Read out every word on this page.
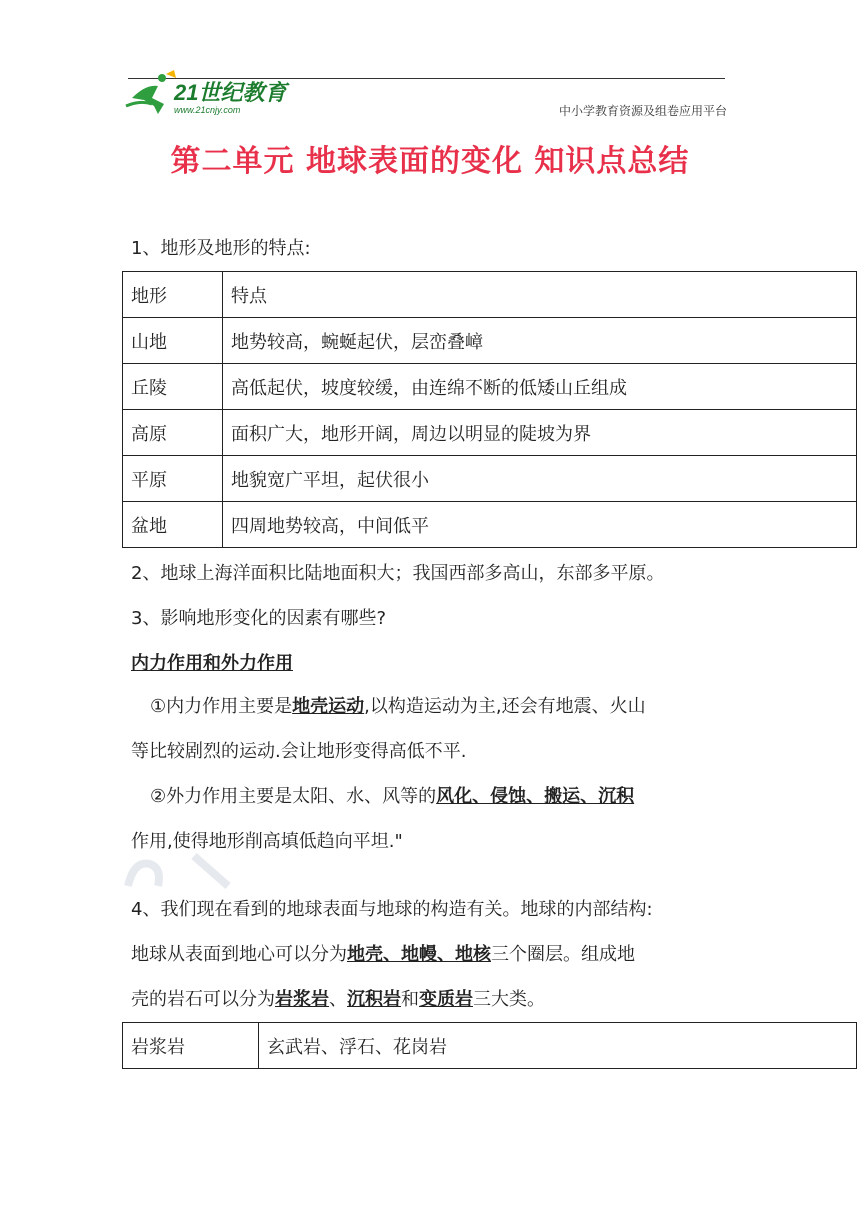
21世纪教育
www.21cnjy.com	中小学教育资源及组卷应用平台
第二单元 地球表面的变化 知识点总结
1、地形及地形的特点:
地形	特点
山地	地势较高，蜿蜒起伏，层峦叠嶂
丘陵	高低起伏，坡度较缓，由连绵不断的低矮山丘组成
高原	面积广大，地形开阔，周边以明显的陡坡为界
平原	地貌宽广平坦，起伏很小
盆地	四周地势较高，中间低平
2、地球上海洋面积比陆地面积大；我国西部多高山，东部多平原。
3、影响地形变化的因素有哪些?
内力作用和外力作用
①内力作用主要是地壳运动,以构造运动为主,还会有地震、火山
等比较剧烈的运动.会让地形变得高低不平.
②外力作用主要是太阳、水、风等的风化、侵蚀、搬运、沉积
作用,使得地形削高填低趋向平坦."
4、我们现在看到的地球表面与地球的构造有关。地球的内部结构:
地球从表面到地心可以分为地壳、地幔、地核三个圈层。组成地
壳的岩石可以分为岩浆岩、沉积岩和变质岩三大类。
岩浆岩	玄武岩、浮石、花岗岩
